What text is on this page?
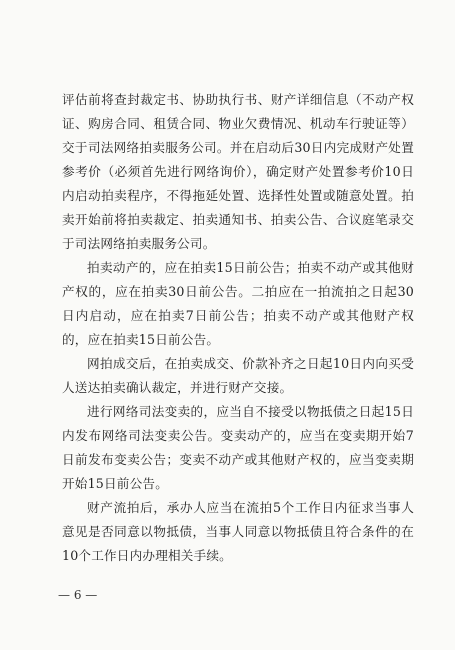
评估前将查封裁定书、协助执行书、财产详细信息（不动产权证、购房合同、租赁合同、物业欠费情况、机动车行驶证等）交于司法网络拍卖服务公司。并在启动后30日内完成财产处置参考价（必须首先进行网络询价），确定财产处置参考价10日内启动拍卖程序，不得拖延处置、选择性处置或随意处置。拍卖开始前将拍卖裁定、拍卖通知书、拍卖公告、合议庭笔录交于司法网络拍卖服务公司。

拍卖动产的，应在拍卖15日前公告；拍卖不动产或其他财产权的，应在拍卖30日前公告。二拍应在一拍流拍之日起30日内启动，应在拍卖7日前公告；拍卖不动产或其他财产权的，应在拍卖15日前公告。

网拍成交后，在拍卖成交、价款补齐之日起10日内向买受人送达拍卖确认裁定，并进行财产交接。

进行网络司法变卖的，应当自不接受以物抵债之日起15日内发布网络司法变卖公告。变卖动产的，应当在变卖期开始7日前发布变卖公告；变卖不动产或其他财产权的，应当变卖期开始15日前公告。

财产流拍后，承办人应当在流拍5个工作日内征求当事人意见是否同意以物抵债，当事人同意以物抵债且符合条件的在10个工作日内办理相关手续。

— 6 —
